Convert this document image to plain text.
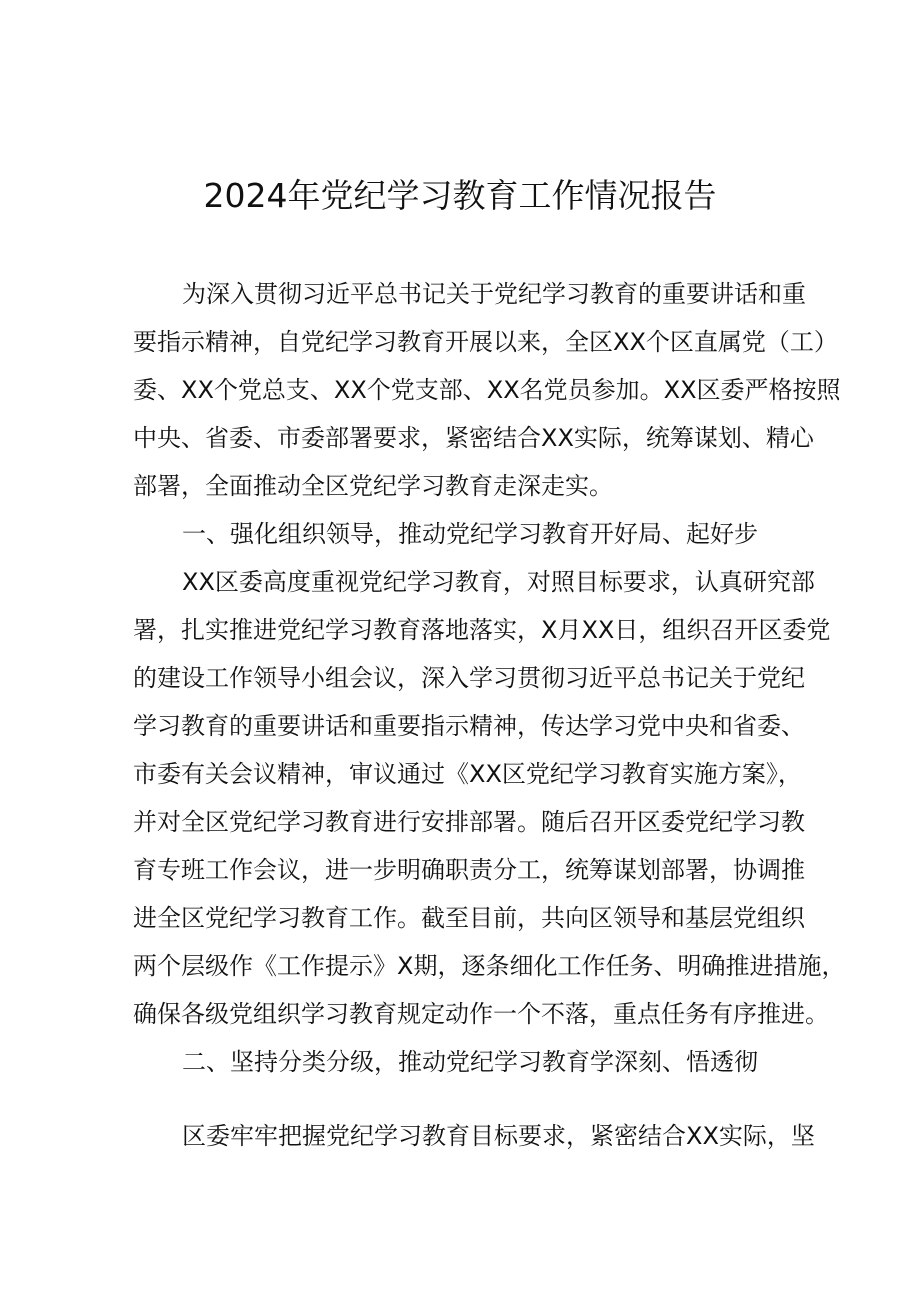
2024年党纪学习教育工作情况报告
为深入贯彻习近平总书记关于党纪学习教育的重要讲话和重
要指示精神，自党纪学习教育开展以来，全区XX个区直属党（工）
委、XX个党总支、XX个党支部、XX名党员参加。XX区委严格按照
中央、省委、市委部署要求，紧密结合XX实际，统筹谋划、精心
部署，全面推动全区党纪学习教育走深走实。
一、强化组织领导，推动党纪学习教育开好局、起好步
XX区委高度重视党纪学习教育，对照目标要求，认真研究部
署，扎实推进党纪学习教育落地落实，X月XX日，组织召开区委党
的建设工作领导小组会议，深入学习贯彻习近平总书记关于党纪
学习教育的重要讲话和重要指示精神，传达学习党中央和省委、
市委有关会议精神，审议通过《XX区党纪学习教育实施方案》，
并对全区党纪学习教育进行安排部署。随后召开区委党纪学习教
育专班工作会议，进一步明确职责分工，统筹谋划部署，协调推
进全区党纪学习教育工作。截至目前，共向区领导和基层党组织
两个层级作《工作提示》X期，逐条细化工作任务、明确推进措施，
确保各级党组织学习教育规定动作一个不落，重点任务有序推进。
二、坚持分类分级，推动党纪学习教育学深刻、悟透彻
区委牢牢把握党纪学习教育目标要求，紧密结合XX实际，坚
